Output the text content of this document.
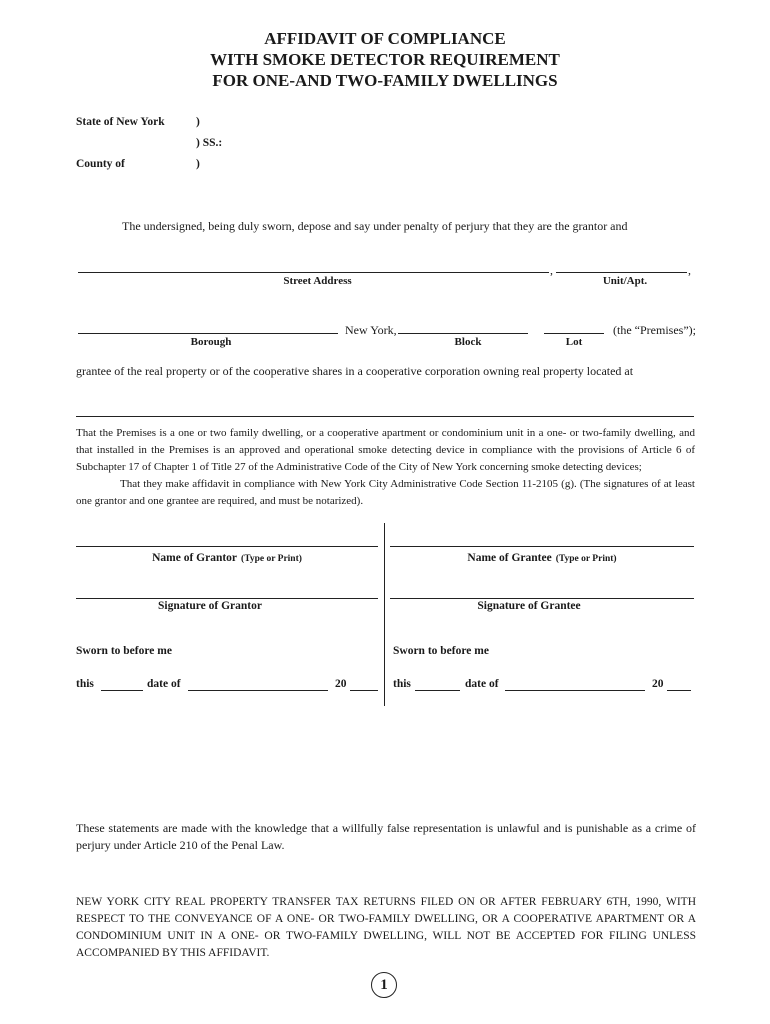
AFFIDAVIT OF COMPLIANCE
WITH SMOKE DETECTOR REQUIREMENT
FOR ONE-AND TWO-FAMILY DWELLINGS
State of New York	)
) SS.:
County of	)
The undersigned, being duly sworn, depose and say under penalty of perjury that they are the grantor and
,	,
Street Address	Unit/Apt.
New York,	(the “Premises”);
Borough	Block	Lot
grantee of the real property or of the cooperative shares in a cooperative corporation owning real property located at
That the Premises is a one or two family dwelling, or a cooperative apartment or condominium unit in a one- or two-family dwelling, and that installed in the Premises is an approved and operational smoke detecting device in compliance with the provisions of Article 6 of Subchapter 17 of Chapter 1 of Title 27 of the Administrative Code of the City of New York concerning smoke detecting devices;
That they make affidavit in compliance with New York City Administrative Code Section 11-2105 (g). (The signatures of at least one grantor and one grantee are required, and must be notarized).
Name of Grantor (Type or Print)
Signature of Grantor
Sworn to before me
this	date of	20
Name of Grantee (Type or Print)
Signature of Grantee
Sworn to before me
this	date of	20
These statements are made with the knowledge that a willfully false representation is unlawful and is punishable as a crime of perjury under Article 210 of the Penal Law.
NEW YORK CITY REAL PROPERTY TRANSFER TAX RETURNS FILED ON OR AFTER FEBRUARY 6TH, 1990, WITH RESPECT TO THE CONVEYANCE OF A ONE- OR TWO-FAMILY DWELLING, OR A COOPERATIVE APARTMENT OR A CONDOMINIUM UNIT IN A ONE- OR TWO-FAMILY DWELLING, WILL NOT BE ACCEPTED FOR FILING UNLESS ACCOMPANIED BY THIS AFFIDAVIT.
1
